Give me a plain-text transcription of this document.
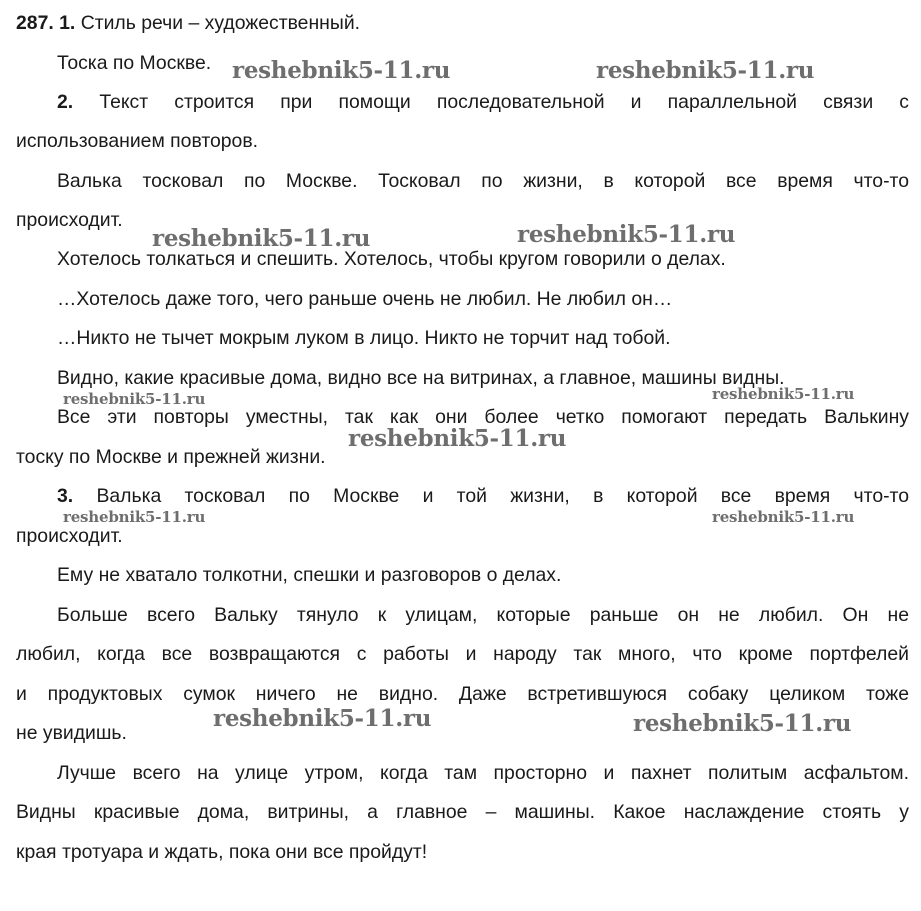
287. 1. Стиль речи – художественный.
Тоска по Москве.
2. Текст строится при помощи последовательной и параллельной связи с
использованием повторов.
Валька тосковал по Москве. Тосковал по жизни, в которой все время что-то
происходит.
Хотелось толкаться и спешить. Хотелось, чтобы кругом говорили о делах.
…Хотелось даже того, чего раньше очень не любил. Не любил он…
…Никто не тычет мокрым луком в лицо. Никто не торчит над тобой.
Видно, какие красивые дома, видно все на витринах, а главное, машины видны.
Все эти повторы уместны, так как они более четко помогают передать Валькину
тоску по Москве и прежней жизни.
3. Валька тосковал по Москве и той жизни, в которой все время что-то
происходит.
Ему не хватало толкотни, спешки и разговоров о делах.
Больше всего Вальку тянуло к улицам, которые раньше он не любил. Он не
любил, когда все возвращаются с работы и народу так много, что кроме портфелей
и продуктовых сумок ничего не видно. Даже встретившуюся собаку целиком тоже
не увидишь.
Лучше всего на улице утром, когда там просторно и пахнет политым асфальтом.
Видны красивые дома, витрины, а главное – машины. Какое наслаждение стоять у
края тротуара и ждать, пока они все пройдут!
reshebnik5-11.ru	reshebnik5-11.ru
reshebnik5-11.ru	reshebnik5-11.ru
reshebnik5-11.ru	reshebnik5-11.ru
reshebnik5-11.ru
reshebnik5-11.ru	reshebnik5-11.ru
reshebnik5-11.ru	reshebnik5-11.ru
